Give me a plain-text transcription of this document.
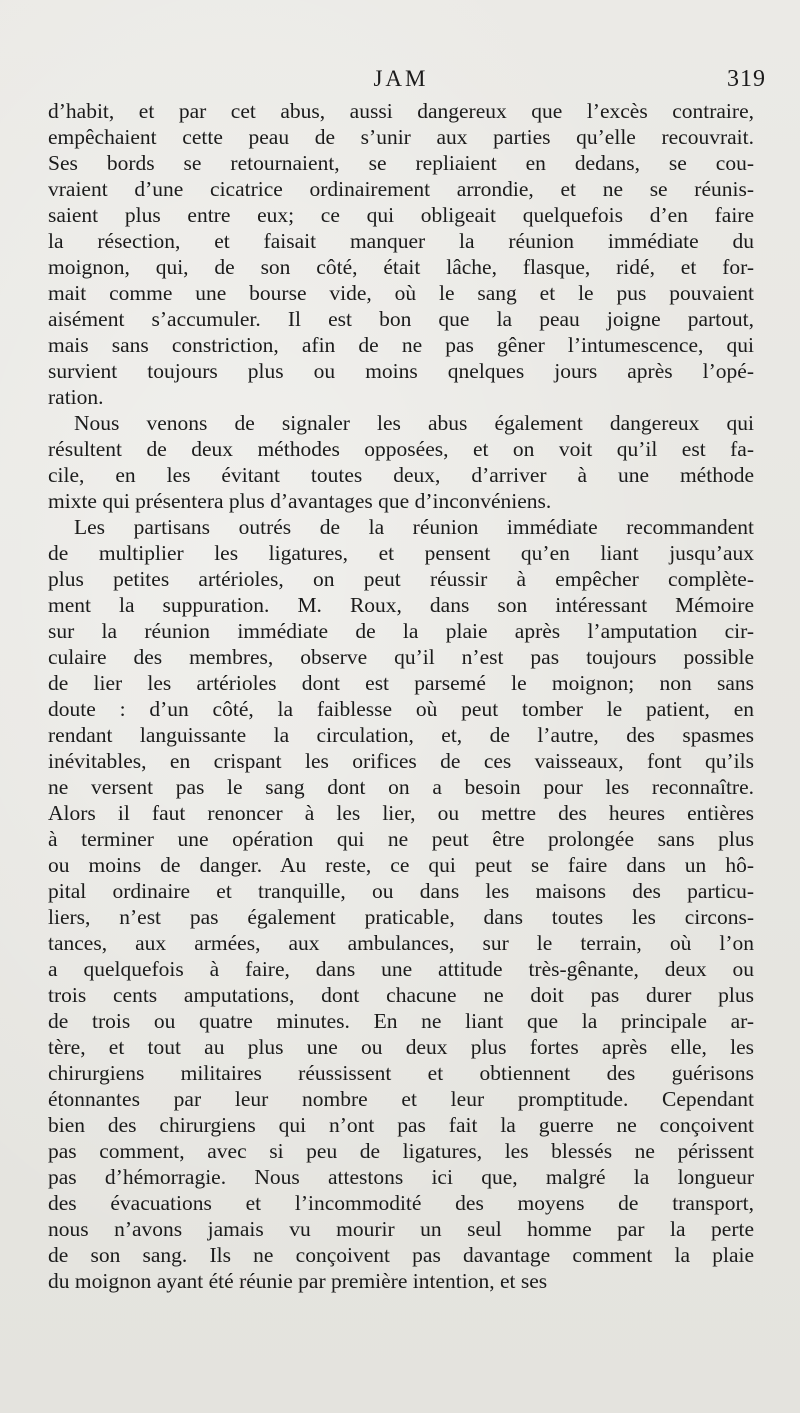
JAM	319

d’habit, et par cet abus, aussi dangereux que l’excès contraire,
empêchaient cette peau de s’unir aux parties qu’elle recouvrait.
Ses bords se retournaient, se repliaient en dedans, se cou-
vraient d’une cicatrice ordinairement arrondie, et ne se réunis-
saient plus entre eux; ce qui obligeait quelquefois d’en faire
la résection, et faisait manquer la réunion immédiate du
moignon, qui, de son côté, était lâche, flasque, ridé, et for-
mait comme une bourse vide, où le sang et le pus pouvaient
aisément s’accumuler. Il est bon que la peau joigne partout,
mais sans constriction, afin de ne pas gêner l’intumescence, qui
survient toujours plus ou moins qnelques jours après l’opé-
ration.

Nous venons de signaler les abus également dangereux qui
résultent de deux méthodes opposées, et on voit qu’il est fa-
cile, en les évitant toutes deux, d’arriver à une méthode
mixte qui présentera plus d’avantages que d’inconvéniens.

Les partisans outrés de la réunion immédiate recommandent
de multiplier les ligatures, et pensent qu’en liant jusqu’aux
plus petites artérioles, on peut réussir à empêcher complète-
ment la suppuration. M. Roux, dans son intéressant Mémoire
sur la réunion immédiate de la plaie après l’amputation cir-
culaire des membres, observe qu’il n’est pas toujours possible
de lier les artérioles dont est parsemé le moignon; non sans
doute : d’un côté, la faiblesse où peut tomber le patient, en
rendant languissante la circulation, et, de l’autre, des spasmes
inévitables, en crispant les orifices de ces vaisseaux, font qu’ils
ne versent pas le sang dont on a besoin pour les reconnaître.
Alors il faut renoncer à les lier, ou mettre des heures entières
à terminer une opération qui ne peut être prolongée sans plus
ou moins de danger. Au reste, ce qui peut se faire dans un hô-
pital ordinaire et tranquille, ou dans les maisons des particu-
liers, n’est pas également praticable, dans toutes les circons-
tances, aux armées, aux ambulances, sur le terrain, où l’on
a quelquefois à faire, dans une attitude très-gênante, deux ou
trois cents amputations, dont chacune ne doit pas durer plus
de trois ou quatre minutes. En ne liant que la principale ar-
tère, et tout au plus une ou deux plus fortes après elle, les
chirurgiens militaires réussissent et obtiennent des guérisons
étonnantes par leur nombre et leur promptitude. Cependant
bien des chirurgiens qui n’ont pas fait la guerre ne conçoivent
pas comment, avec si peu de ligatures, les blessés ne périssent
pas d’hémorragie. Nous attestons ici que, malgré la longueur
des évacuations et l’incommodité des moyens de transport,
nous n’avons jamais vu mourir un seul homme par la perte
de son sang. Ils ne conçoivent pas davantage comment la plaie
du moignon ayant été réunie par première intention, et ses
